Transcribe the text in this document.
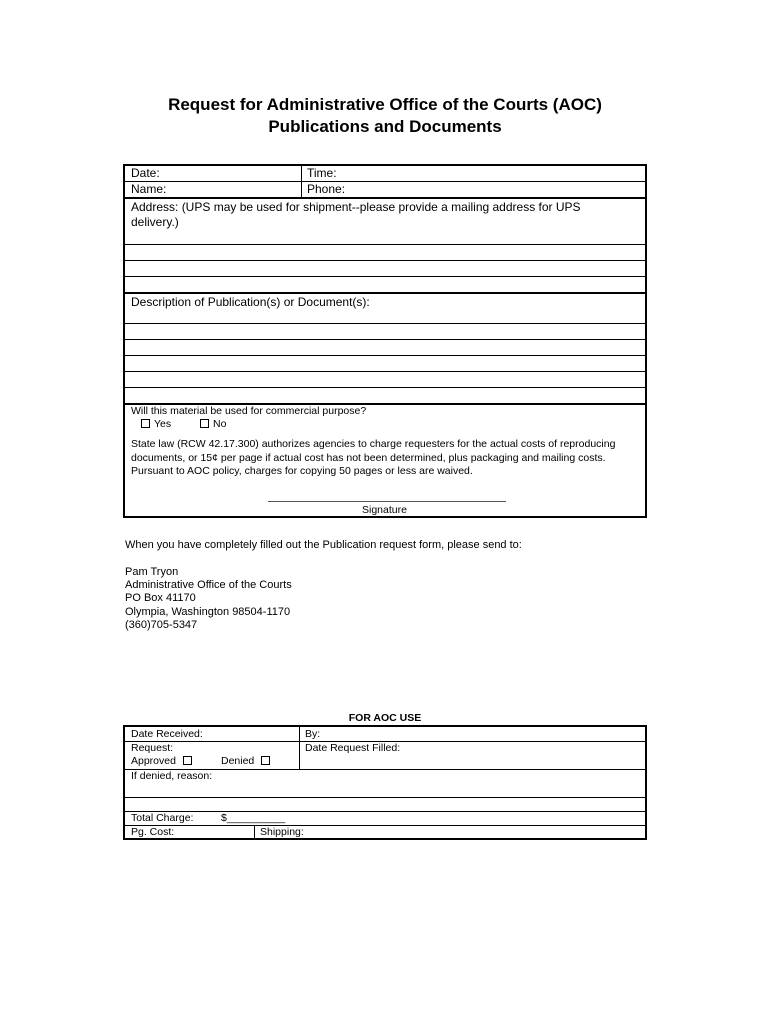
Request for Administrative Office of the Courts (AOC)
Publications and Documents
Date:	Time:
Name:	Phone:
Address: (UPS may be used for shipment--please provide a mailing address for UPS delivery.)
Description of Publication(s) or Document(s):
Will this material be used for commercial purpose?
Yes	No
State law (RCW 42.17.300) authorizes agencies to charge requesters for the actual costs of reproducing documents, or 15¢ per page if actual cost has not been determined, plus packaging and mailing costs. Pursuant to AOC policy, charges for copying 50 pages or less are waived.
Signature
When you have completely filled out the Publication request form, please send to:
Pam Tryon
Administrative Office of the Courts
PO Box 41170
Olympia, Washington 98504-1170
(360)705-5347
FOR AOC USE
Date Received:	By:
Request:	Date Request Filled:
Approved	Denied
If denied, reason:
Total Charge:	$__________
Pg. Cost:	Shipping:
